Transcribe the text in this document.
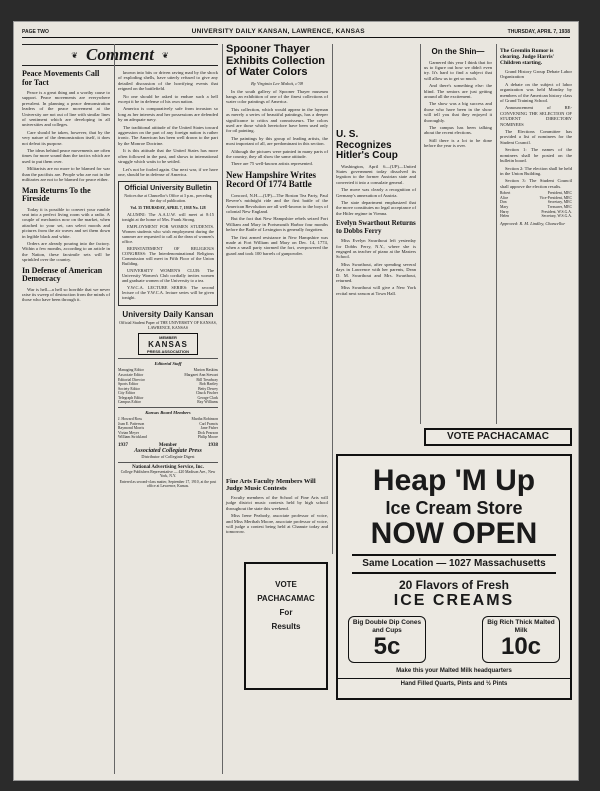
PAGE TWO	UNIVERSITY DAILY KANSAN, LAWRENCE, KANSAS	THURSDAY, APRIL 7, 1938
❦ Comment ❦
Peace Movements Call for Tact

Peace is a great thing and a worthy cause to support. Peace movements are everywhere prevalent. In planning a peace demonstration leaders of the peace movement at the University are not out of line with similar lines of sentiment which are developing in all universities and colleges.

Care should be taken, however, that by the very nature of the demonstration itself, it does not defeat its purpose.

The ideas behind peace movements are often times far more sound than the tactics which are used to put them over.

Militarists are no more to be blamed for war than the pacifists are. People who are not in the militaries are not to be blamed for peace either.

Man Returns To the Fireside

Today it is possible to convert your rumble seat into a perfect living room with a radio. A couple of mechanics now on the market, when attached to your set, can select moods and pictures from the air waves and set them down in legible black and white.

Orders are already pouring into the factory. Within a few months, according to an article in the Nation, these facsimile sets will be sprinkled over the country.

In Defense of American Democracy

War is hell—a hell so horrible that we never raise its sweep of destruction from the minds of those who have been through it.

known into bits or driven raving mad by the shock of exploding shells, have utterly refused to give any detailed discussion of the horrifying events that reigned on the battlefield.

No one should be asked to endure such a hell except it be in defense of his own nation.

America is comparatively safe from invasion so long as her interests and her possessions are defended by an adequate navy.

The traditional attitude of the United States toward aggression on the part of any foreign nation is rather ironic. The American has been well drawn to the part by the Monroe Doctrine.

It is this attitude that the United States has more often followed in the past, and shows to international struggle which waits to be settled.

Let's not be fooled again. Our next war, if we have one, should be in defense of America.

Official University Bulletin
Notices due at Chancellor's Office at 3 p.m., preceding the day of publication.
Vol. 35 THURSDAY, APRIL 7, 1938 No. 128

ALUMNI: The A.A.U.W. will meet at 8:15 tonight at the home of Mrs. Frank Strong.

EMPLOYMENT FOR WOMEN STUDENTS. Women students who wish employment during the summer are requested to call at the dean of women's office.

REINSTATEMENT OF RELIGIOUS CONGRESS: The Interdenominational Religious Commission will meet in Fifth Floor of the Union Building.

UNIVERSITY WOMEN'S CLUB: The University Women's Club cordially invites women and graduate women of the University to a tea.

Y.W.C.A. LECTURE SERIES: The second lecture of the Y.W.C.A. lecture series will be given tonight.

University Daily Kansan
Official Student Paper of THE UNIVERSITY OF KANSAS, LAWRENCE, KANSAS
MEMBER
KANSAS
PRESS ASSOCIATION
Editorial Staff
Managing Editor	Marion Haskins
Associate Editor	Margaret Ann Stewart
Editorial Director	Bill Treadway
Sports Editor	Bob Hartley
Society Editor	Betty Dewey
City Editor	Chuck Fischer
Telegraph Editor	George Clark
Campus Editor	Ray Williams
Kansas Board Members
J. Howard Ross	Martha Robinson
Joan E. Patterson	Carl Francis
Raymond Morris	Jane Fisher
Vivian Meyer	Dick Pearson
William Strickland	Philip Moore
1937	Member	1938
Associated Collegiate Press
Distributor of Collegiate Digest
National Advertising Service, Inc.
College Publishers Representative — 420 Madison Ave., New York, N.Y.
Entered as second-class matter, September 17, 1910, at the post office at Lawrence, Kansas.
Spooner Thayer Exhibits Collection of Water Colors
By Virginia Lee Malott, c'38

In the south gallery of Spooner Thayer museum hangs an exhibition of one of the finest collections of water color paintings of America.

This collection, which would appear in the layman as merely a series of beautiful paintings, has a deeper significance to critics and connoisseurs. The colors used are those which heretofore have been used only for oil painting.

The paintings by this group of leading artists, the most important of all, are predominant in this section.

Although the pictures were painted in many parts of the country, they all show the same attitude.

There are 75 well-known artists represented.

New Hampshire Writes Record Of 1774 Battle

Concord, N.H.—(UP)—The Boston Tea Party, Paul Revere's midnight ride and the first battle of the American Revolution are all well-known to the boys of colonial New England.

But the fact that New Hampshire rebels seized Fort William and Mary in Portsmouth Harbor four months before the Battle of Lexington is generally forgotten.

The first armed resistance in New Hampshire was made at Fort William and Mary on Dec. 14, 1774, when a small party stormed the fort, overpowered the guard and took 100 barrels of gunpowder.

Fine Arts Faculty Members Will Judge Music Contests

Faculty members of the School of Fine Arts will judge district music contests held by high school throughout the state this weekend.

Miss Irene Peabody, associate professor of voice, and Miss Meribah Moore, associate professor of voice, will judge a contest being held at Chanute today and tomorrow.

U. S. Recognizes Hitler's Coup

Washington, April 6—(UP)—United States government today dissolved its legation to the former Austrian state and converted it into a consulate general.

The move was clearly a recognition of Germany's annexation of Austria.

The state department emphasized that the move constitutes no legal acceptance of the Hitler regime in Vienna.

Evelyn Swarthout Returns to Dobbs Ferry

Miss Evelyn Swarthout left yesterday for Dobbs Ferry, N.Y., where she is engaged as teacher of piano at the Masters School.

Miss Swarthout, after spending several days in Lawrence with her parents, Dean D. M. Swarthout and Mrs. Swarthout, returned.

Miss Swarthout will give a New York recital next season at Town Hall.

On the Shin—

Garnered this year I think that for us to figure out how we didn't even try. It's hard to find a subject that will allow us to get so much.

And there's something else: the blind. The seniors are just getting around all the excitement.

The show was a big success and those who have been in the show will tell you that they enjoyed it thoroughly.

The campus has been talking about the recent elections.

Still there is a lot to be done before the year is over.

The Gremlin Rumor is clearing. Judge Harris' Children starting.

Grand History Group Debate Labor Organization

A debate on the subject of labor organization was held Monday by members of the American history class of Grand Training School.

Announcement of RE-CONVENING THE SELECTION OF STUDENT DIRECTORY NOMINEES

The Elections Committee has provided a list of nominees for the Student Council.

Section 1: The names of the nominees shall be posted on the bulletin board.

Section 2: The election shall be held in the Union Building.

Section 3: The Student Council shall approve the election results.

Robert	President, MEC
Alice	Vice-President, MEC
Don	Secretary, MEC
Mary	Treasurer, MEC
Harry	President, W.S.G.A.
Helen	Secretary, W.S.G.A.
Approved: R. M. Lindley, Chancellor
VOTE PACHACAMAC
Heap 'M Up
Ice Cream Store
NOW OPEN
Same Location — 1027 Massachusetts
20 Flavors of Fresh
ICE CREAMS
Big Double Dip Cones and Cups
5c
Big Rich Thick Malted Milk
10c
Make this your Malted Milk headquarters
Hand Filled Quarts, Pints and ½ Pints
VOTE
PACHACAMAC
For
Results
